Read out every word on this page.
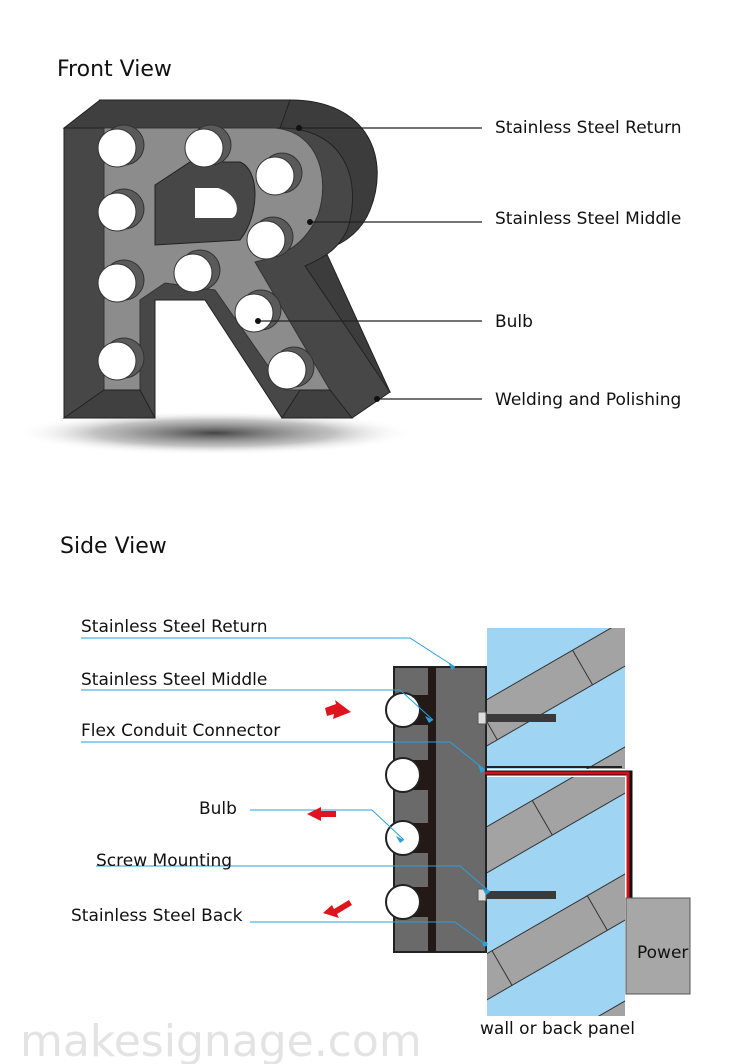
Front View
Stainless Steel Return
Stainless Steel Middle
Bulb
Welding and Polishing
Side View
Power
wall or back panel
Stainless Steel Return
Stainless Steel Middle
Flex Conduit Connector
Bulb
Screw Mounting
Stainless Steel Back
makesignage.com
